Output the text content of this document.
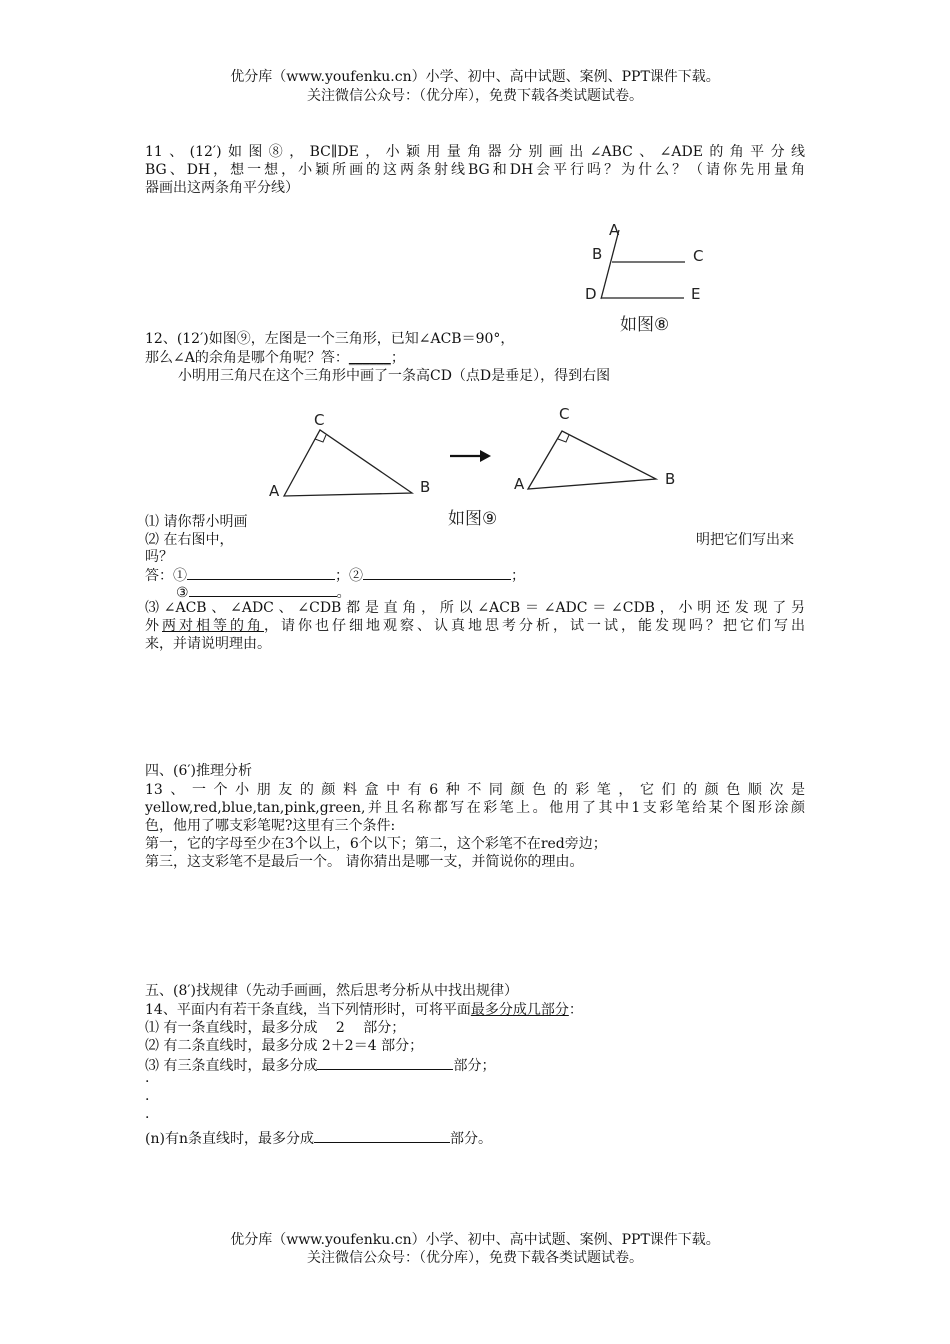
优分库（www.youfenku.cn）小学、初中、高中试题、案例、PPT课件下载。
关注微信公众号：（优分库），免费下载各类试题试卷。
11、(12′)如图⑧，BC∥DE，小颖用量角器分别画出∠ABC、∠ADE的角平分线
BG、DH，想一想，小颖所画的这两条射线BG和DH会平行吗？为什么？（请你先用量角
器画出这两条角平分线）
A
B	C
D	E
如图⑧
12、(12′)如图⑨，左图是一个三角形，已知∠ACB＝90°，
那么∠A的余角是哪个角呢？答：______；
小明用三角尺在这个三角形中画了一条高CD（点D是垂足），得到右图
C
A	B
C
A	B
如图⑨
⑴ 请你帮小明画
⑵ 在右图中，	明把它们写出来
吗？
答：①	；②	；
③	。
⑶∠ACB、∠ADC、∠CDB都是直角，所以∠ACB＝∠ADC＝∠CDB，小明还发现了另
外两对相等的角，请你也仔细地观察、认真地思考分析，试一试，能发现吗？把它们写出
来，并请说明理由。
四、(6′)推理分析
13、一个小朋友的颜料盒中有6种不同颜色的彩笔，它们的颜色顺次是
yellow,red,blue,tan,pink,green,并且名称都写在彩笔上。他用了其中1支彩笔给某个图形涂颜
色，他用了哪支彩笔呢?这里有三个条件:
第一，它的字母至少在3个以上，6个以下；第二，这个彩笔不在red旁边；
第三，这支彩笔不是最后一个。 请你猜出是哪一支，并简说你的理由。
五、(8′)找规律（先动手画画，然后思考分析从中找出规律）
14、平面内有若干条直线，当下列情形时，可将平面最多分成几部分：
⑴ 有一条直线时，最多分成　 2　 部分；
⑵ 有二条直线时，最多分成 2＋2＝4 部分；
⑶ 有三条直线时，最多分成	部分；
·
·
·
(n)有n条直线时，最多分成	部分。
优分库（www.youfenku.cn）小学、初中、高中试题、案例、PPT课件下载。
关注微信公众号：（优分库），免费下载各类试题试卷。
